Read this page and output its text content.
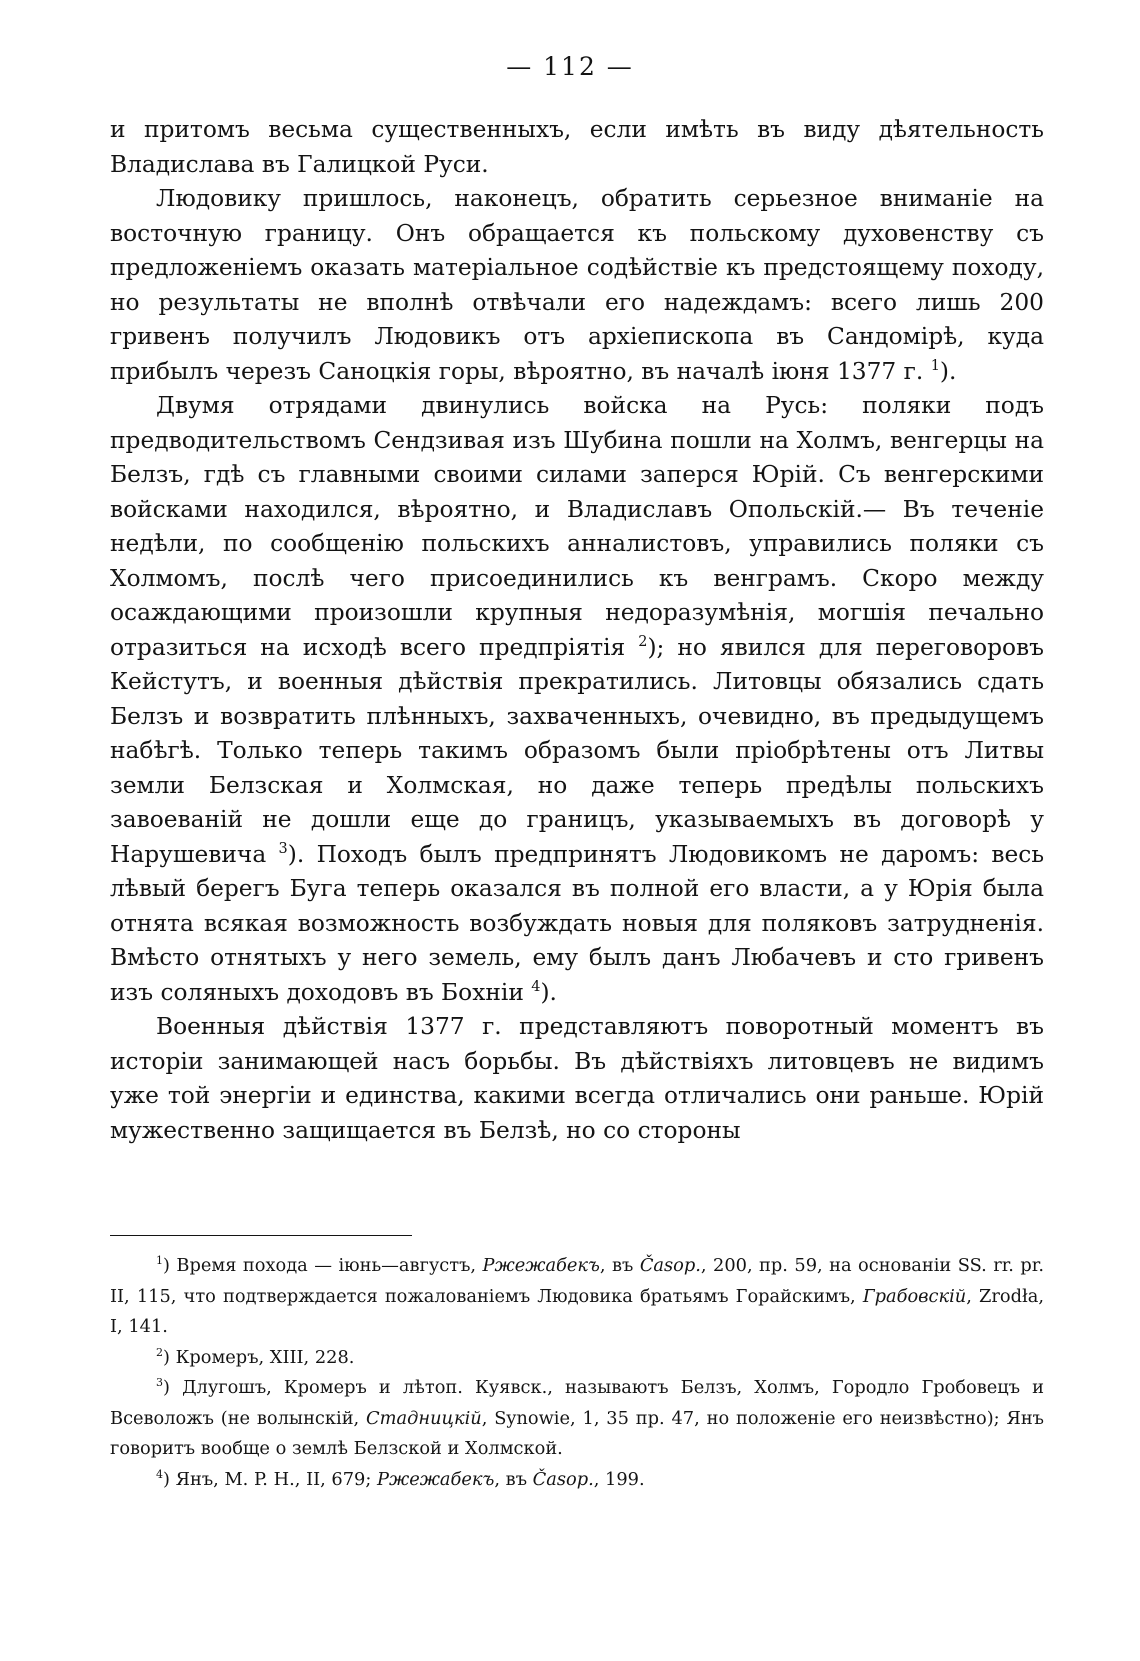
— 112 —

и притомъ весьма существенныхъ, если имѣть въ виду дѣятельность Владислава въ Галицкой Руси.

Людовику пришлось, наконецъ, обратить серьезное вниманіе на восточную границу. Онъ обращается къ польскому духовенству съ предложеніемъ оказать матеріальное содѣйствіе къ предстоящему походу, но результаты не вполнѣ отвѣчали его надеждамъ: всего лишь 200 гривенъ получилъ Людовикъ отъ архіепископа въ Сандомірѣ, куда прибылъ черезъ Саноцкія горы, вѣроятно, въ началѣ іюня 1377 г. $^1$).

Двумя отрядами двинулись войска на Русь: поляки подъ предводительствомъ Сендзивая изъ Шубина пошли на Холмъ, венгерцы на Белзъ, гдѣ съ главными своими силами заперся Юрій. Съ венгерскими войсками находился, вѣроятно, и Владиславъ Опольскій.— Въ теченіе недѣли, по сообщенію польскихъ анналистовъ, управились поляки съ Холмомъ, послѣ чего присоединились къ венграмъ. Скоро между осаждающими произошли крупныя недоразумѣнія, могшія печально отразиться на исходѣ всего предпріятія $^2$); но явился для переговоровъ Кейстутъ, и военныя дѣйствія прекратились. Литовцы обязались сдать Белзъ и возвратить плѣнныхъ, захваченныхъ, очевидно, въ предыдущемъ набѣгѣ. Только теперь такимъ образомъ были пріобрѣтены отъ Литвы земли Белзская и Холмская, но даже теперь предѣлы польскихъ завоеваній не дошли еще до границъ, указываемыхъ въ договорѣ у Нарушевича $^3$). Походъ былъ предпринятъ Людовикомъ не даромъ: весь лѣвый берегъ Буга теперь оказался въ полной его власти, а у Юрія была отнята всякая возможность возбуждать новыя для поляковъ затрудненія. Вмѣсто отнятыхъ у него земель, ему былъ данъ Любачевъ и сто гривенъ изъ соляныхъ доходовъ въ Бохніи $^4$).

Военныя дѣйствія 1377 г. представляютъ поворотный моментъ въ исторіи занимающей насъ борьбы. Въ дѣйствіяхъ литовцевъ не видимъ уже той энергіи и единства, какими всегда отличались они раньше. Юрій мужественно защищается въ Белзѣ, но со стороны

$^1$) Время похода — іюнь—августъ, Ржежабекъ, въ Časop., 200, пр. 59, на основаніи SS. rr. pr. II, 115, что подтверждается пожалованіемъ Людовика братьямъ Горайскимъ, Грабовскій, Zrodła, I, 141.

$^2$) Кромеръ, XIII, 228.

$^3$) Длугошъ, Кромеръ и лѣтоп. Куявск., называютъ Белзъ, Холмъ, Городло Гробовецъ и Всеволожъ (не волынскій, Стадницкій, Synowie, 1, 35 пр. 47, но положеніе его неизвѣстно); Янъ говоритъ вообще о землѣ Белзской и Холмской.

$^4$) Янъ, M. P. H., II, 679; Ржежабекъ, въ Časop., 199.
